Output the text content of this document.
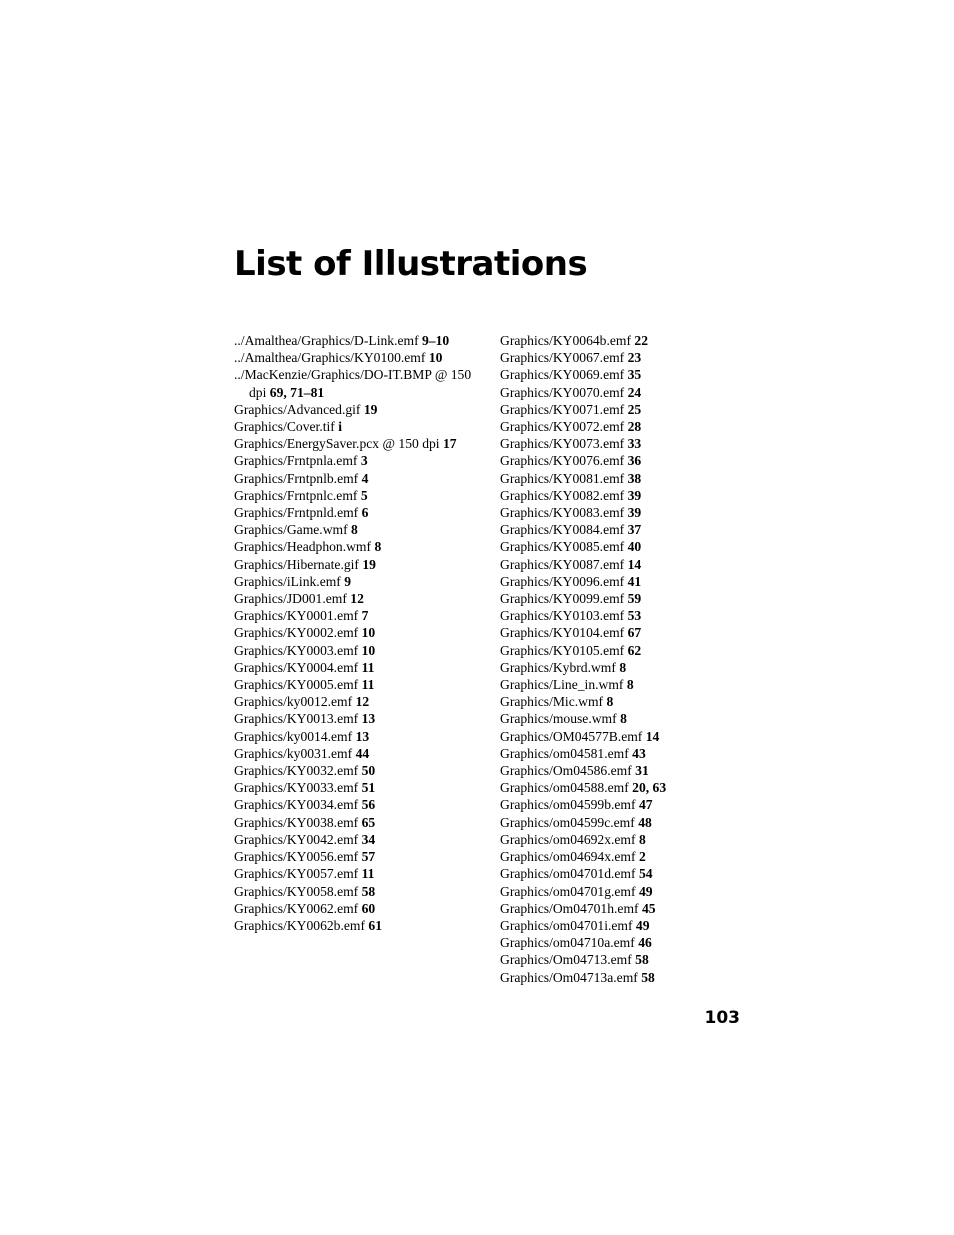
List of Illustrations
../Amalthea/Graphics/D-Link.emf 9–10
../Amalthea/Graphics/KY0100.emf 10
../MacKenzie/Graphics/DO-IT.BMP @ 150 dpi 69, 71–81
Graphics/Advanced.gif 19
Graphics/Cover.tif i
Graphics/EnergySaver.pcx @ 150 dpi 17
Graphics/Frntpnla.emf 3
Graphics/Frntpnlb.emf 4
Graphics/Frntpnlc.emf 5
Graphics/Frntpnld.emf 6
Graphics/Game.wmf 8
Graphics/Headphon.wmf 8
Graphics/Hibernate.gif 19
Graphics/iLink.emf 9
Graphics/JD001.emf 12
Graphics/KY0001.emf 7
Graphics/KY0002.emf 10
Graphics/KY0003.emf 10
Graphics/KY0004.emf 11
Graphics/KY0005.emf 11
Graphics/ky0012.emf 12
Graphics/KY0013.emf 13
Graphics/ky0014.emf 13
Graphics/ky0031.emf 44
Graphics/KY0032.emf 50
Graphics/KY0033.emf 51
Graphics/KY0034.emf 56
Graphics/KY0038.emf 65
Graphics/KY0042.emf 34
Graphics/KY0056.emf 57
Graphics/KY0057.emf 11
Graphics/KY0058.emf 58
Graphics/KY0062.emf 60
Graphics/KY0062b.emf 61
Graphics/KY0064b.emf 22
Graphics/KY0067.emf 23
Graphics/KY0069.emf 35
Graphics/KY0070.emf 24
Graphics/KY0071.emf 25
Graphics/KY0072.emf 28
Graphics/KY0073.emf 33
Graphics/KY0076.emf 36
Graphics/KY0081.emf 38
Graphics/KY0082.emf 39
Graphics/KY0083.emf 39
Graphics/KY0084.emf 37
Graphics/KY0085.emf 40
Graphics/KY0087.emf 14
Graphics/KY0096.emf 41
Graphics/KY0099.emf 59
Graphics/KY0103.emf 53
Graphics/KY0104.emf 67
Graphics/KY0105.emf 62
Graphics/Kybrd.wmf 8
Graphics/Line_in.wmf 8
Graphics/Mic.wmf 8
Graphics/mouse.wmf 8
Graphics/OM04577B.emf 14
Graphics/om04581.emf 43
Graphics/Om04586.emf 31
Graphics/om04588.emf 20, 63
Graphics/om04599b.emf 47
Graphics/om04599c.emf 48
Graphics/om04692x.emf 8
Graphics/om04694x.emf 2
Graphics/om04701d.emf 54
Graphics/om04701g.emf 49
Graphics/Om04701h.emf 45
Graphics/om04701i.emf 49
Graphics/om04710a.emf 46
Graphics/Om04713.emf 58
Graphics/Om04713a.emf 58
103
